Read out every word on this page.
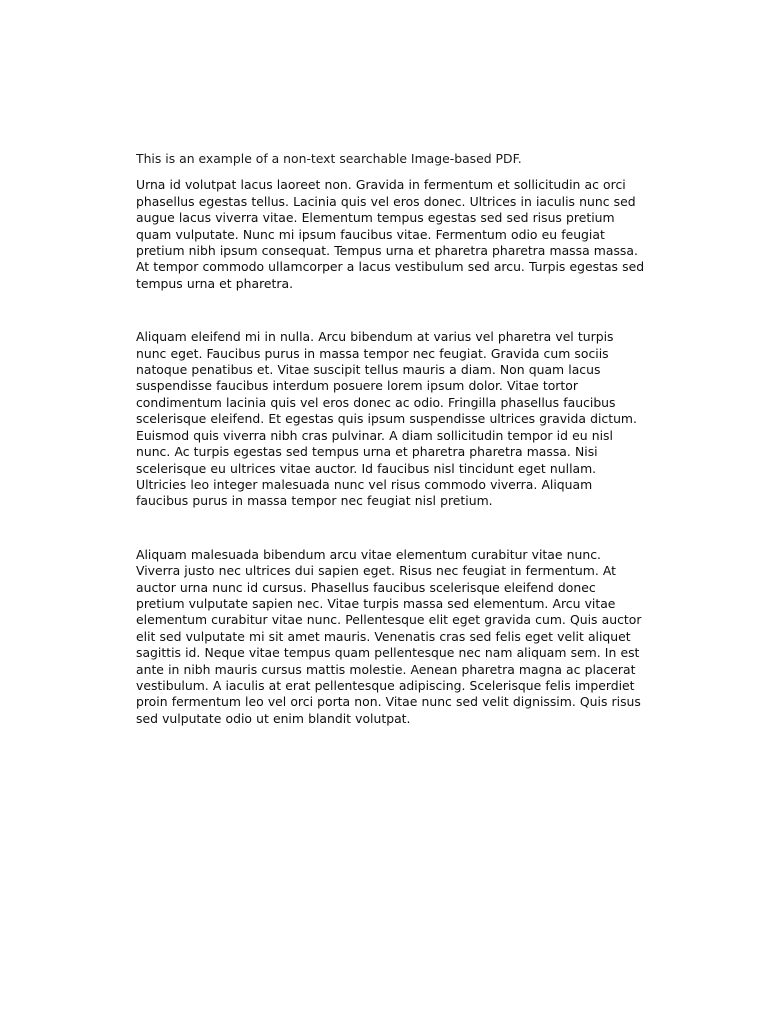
This is an example of a non-text searchable Image-based PDF.

Urna id volutpat lacus laoreet non. Gravida in fermentum et sollicitudin ac orci phasellus egestas tellus. Lacinia quis vel eros donec. Ultrices in iaculis nunc sed augue lacus viverra vitae. Elementum tempus egestas sed sed risus pretium quam vulputate. Nunc mi ipsum faucibus vitae. Fermentum odio eu feugiat pretium nibh ipsum consequat. Tempus urna et pharetra pharetra massa massa. At tempor commodo ullamcorper a lacus vestibulum sed arcu. Turpis egestas sed tempus urna et pharetra.

Aliquam eleifend mi in nulla. Arcu bibendum at varius vel pharetra vel turpis nunc eget. Faucibus purus in massa tempor nec feugiat. Gravida cum sociis natoque penatibus et. Vitae suscipit tellus mauris a diam. Non quam lacus suspendisse faucibus interdum posuere lorem ipsum dolor. Vitae tortor condimentum lacinia quis vel eros donec ac odio. Fringilla phasellus faucibus scelerisque eleifend. Et egestas quis ipsum suspendisse ultrices gravida dictum. Euismod quis viverra nibh cras pulvinar. A diam sollicitudin tempor id eu nisl nunc. Ac turpis egestas sed tempus urna et pharetra pharetra massa. Nisi scelerisque eu ultrices vitae auctor. Id faucibus nisl tincidunt eget nullam. Ultricies leo integer malesuada nunc vel risus commodo viverra. Aliquam faucibus purus in massa tempor nec feugiat nisl pretium.

Aliquam malesuada bibendum arcu vitae elementum curabitur vitae nunc. Viverra justo nec ultrices dui sapien eget. Risus nec feugiat in fermentum. At auctor urna nunc id cursus. Phasellus faucibus scelerisque eleifend donec pretium vulputate sapien nec. Vitae turpis massa sed elementum. Arcu vitae elementum curabitur vitae nunc. Pellentesque elit eget gravida cum. Quis auctor elit sed vulputate mi sit amet mauris. Venenatis cras sed felis eget velit aliquet sagittis id. Neque vitae tempus quam pellentesque nec nam aliquam sem. In est ante in nibh mauris cursus mattis molestie. Aenean pharetra magna ac placerat vestibulum. A iaculis at erat pellentesque adipiscing. Scelerisque felis imperdiet proin fermentum leo vel orci porta non. Vitae nunc sed velit dignissim. Quis risus sed vulputate odio ut enim blandit volutpat.
